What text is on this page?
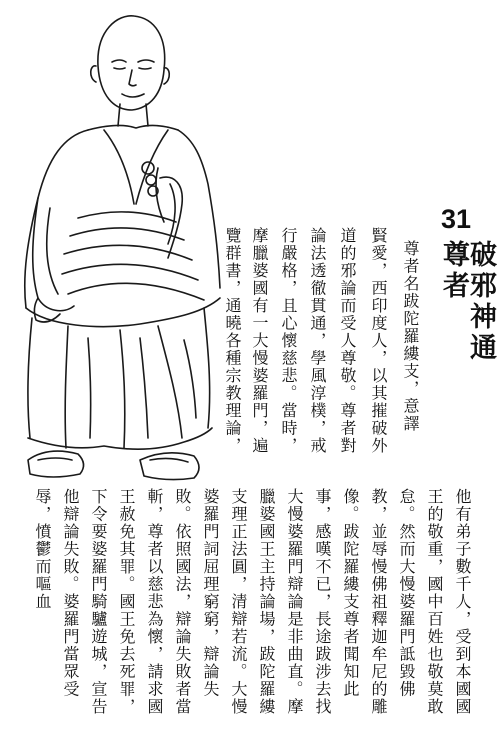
31
破邪神通尊者
尊者名跋陀羅縷支，意譯
賢愛，西印度人，以其摧破外
道的邪論而受人尊敬。尊者對
論法透徹貫通，學風淳樸，戒
行嚴格，且心懷慈悲。當時，
摩臘婆國有一大慢婆羅門，遍
覽群書，通曉各種宗教理論，
他有弟子數千人，受到本國國
王的敬重，國中百姓也敬莫敢
怠。然而大慢婆羅門詆毀佛
教，並辱慢佛祖釋迦牟尼的雕
像。跋陀羅縷支尊者聞知此
事，感嘆不已，長途跋涉去找
大慢婆羅門辯論是非曲直。摩
臘婆國王主持論場，跋陀羅縷
支理正法圓，清辯若流。大慢
婆羅門詞屈理窮窮，辯論失
敗。依照國法，辯論失敗者當
斬，尊者以慈悲為懷，請求國
王赦免其罪。國王免去死罪，
下令要婆羅門騎驢遊城，宣告
他辯論失敗。婆羅門當眾受
辱，憤鬱而嘔血
